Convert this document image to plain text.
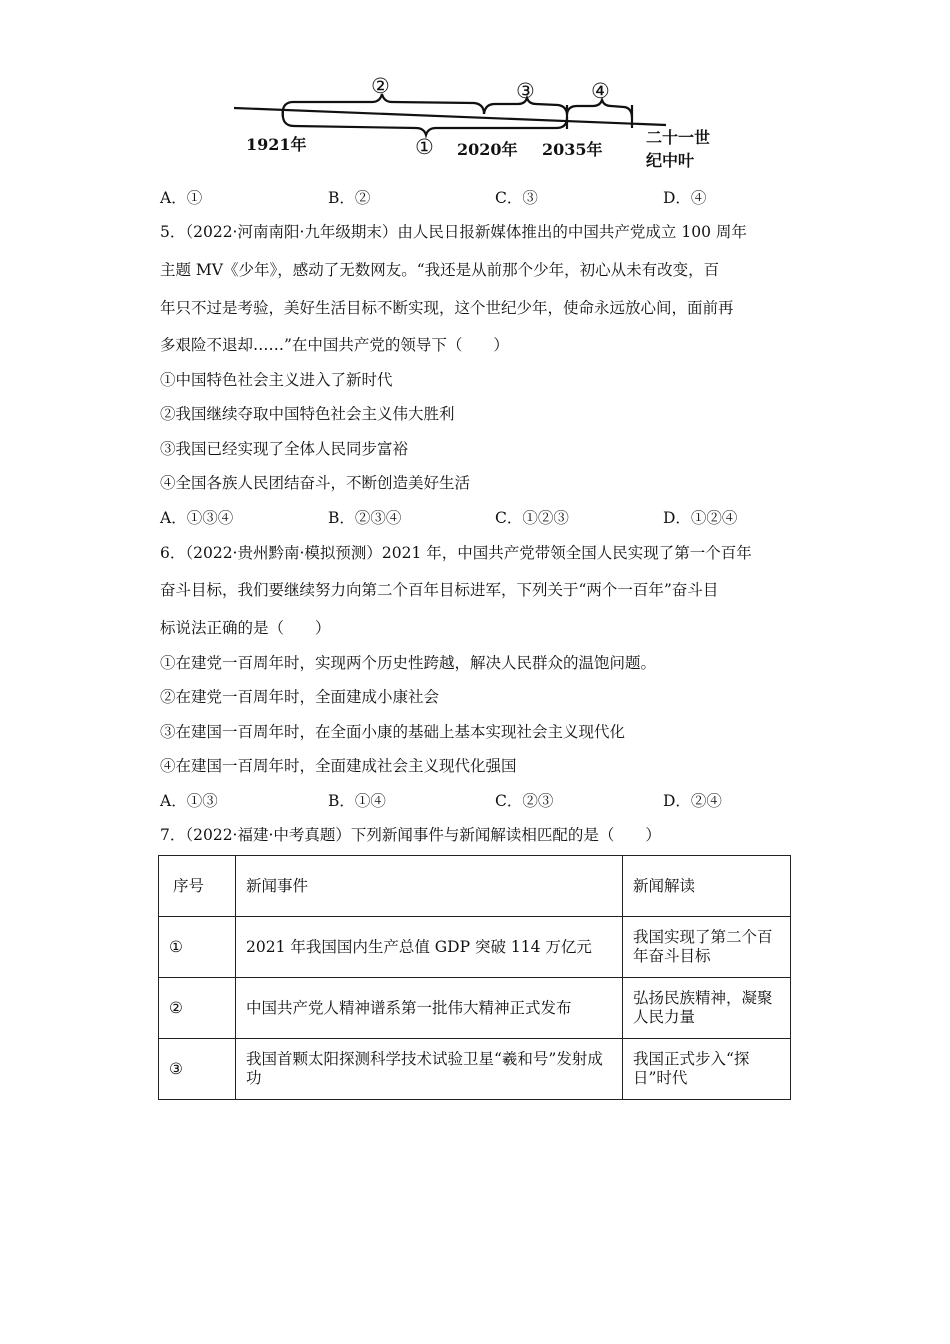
②	③	④
①
1921年	2020年 2035年
二十一世
纪中叶
A．①	B．②	C．③	D．④
5．（2022·河南南阳·九年级期末）由人民日报新媒体推出的中国共产党成立 100 周年
主题 MV《少年》，感动了无数网友。“我还是从前那个少年，初心从未有改变，百
年只不过是考验，美好生活目标不断实现，这个世纪少年，使命永远放心间，面前再
多艰险不退却……”在中国共产党的领导下（　　）
①中国特色社会主义进入了新时代
②我国继续夺取中国特色社会主义伟大胜利
③我国已经实现了全体人民同步富裕
④全国各族人民团结奋斗，不断创造美好生活
A．①③④	B．②③④	C．①②③	D．①②④
6．（2022·贵州黔南·模拟预测）2021 年，中国共产党带领全国人民实现了第一个百年
奋斗目标，我们要继续努力向第二个百年目标进军，下列关于“两个一百年”奋斗目
标说法正确的是（　　）
①在建党一百周年时，实现两个历史性跨越，解决人民群众的温饱问题。
②在建党一百周年时，全面建成小康社会
③在建国一百周年时，在全面小康的基础上基本实现社会主义现代化
④在建国一百周年时，全面建成社会主义现代化强国
A．①③	B．①④	C．②③	D．②④
7．（2022·福建·中考真题）下列新闻事件与新闻解读相匹配的是（　　）
序号	新闻事件	新闻解读
①	2021 年我国国内生产总值 GDP 突破 114 万亿元	我国实现了第二个百年奋斗目标
②	中国共产党人精神谱系第一批伟大精神正式发布	弘扬民族精神，凝聚人民力量
③	我国首颗太阳探测科学技术试验卫星“羲和号”发射成功	我国正式步入“探日”时代
